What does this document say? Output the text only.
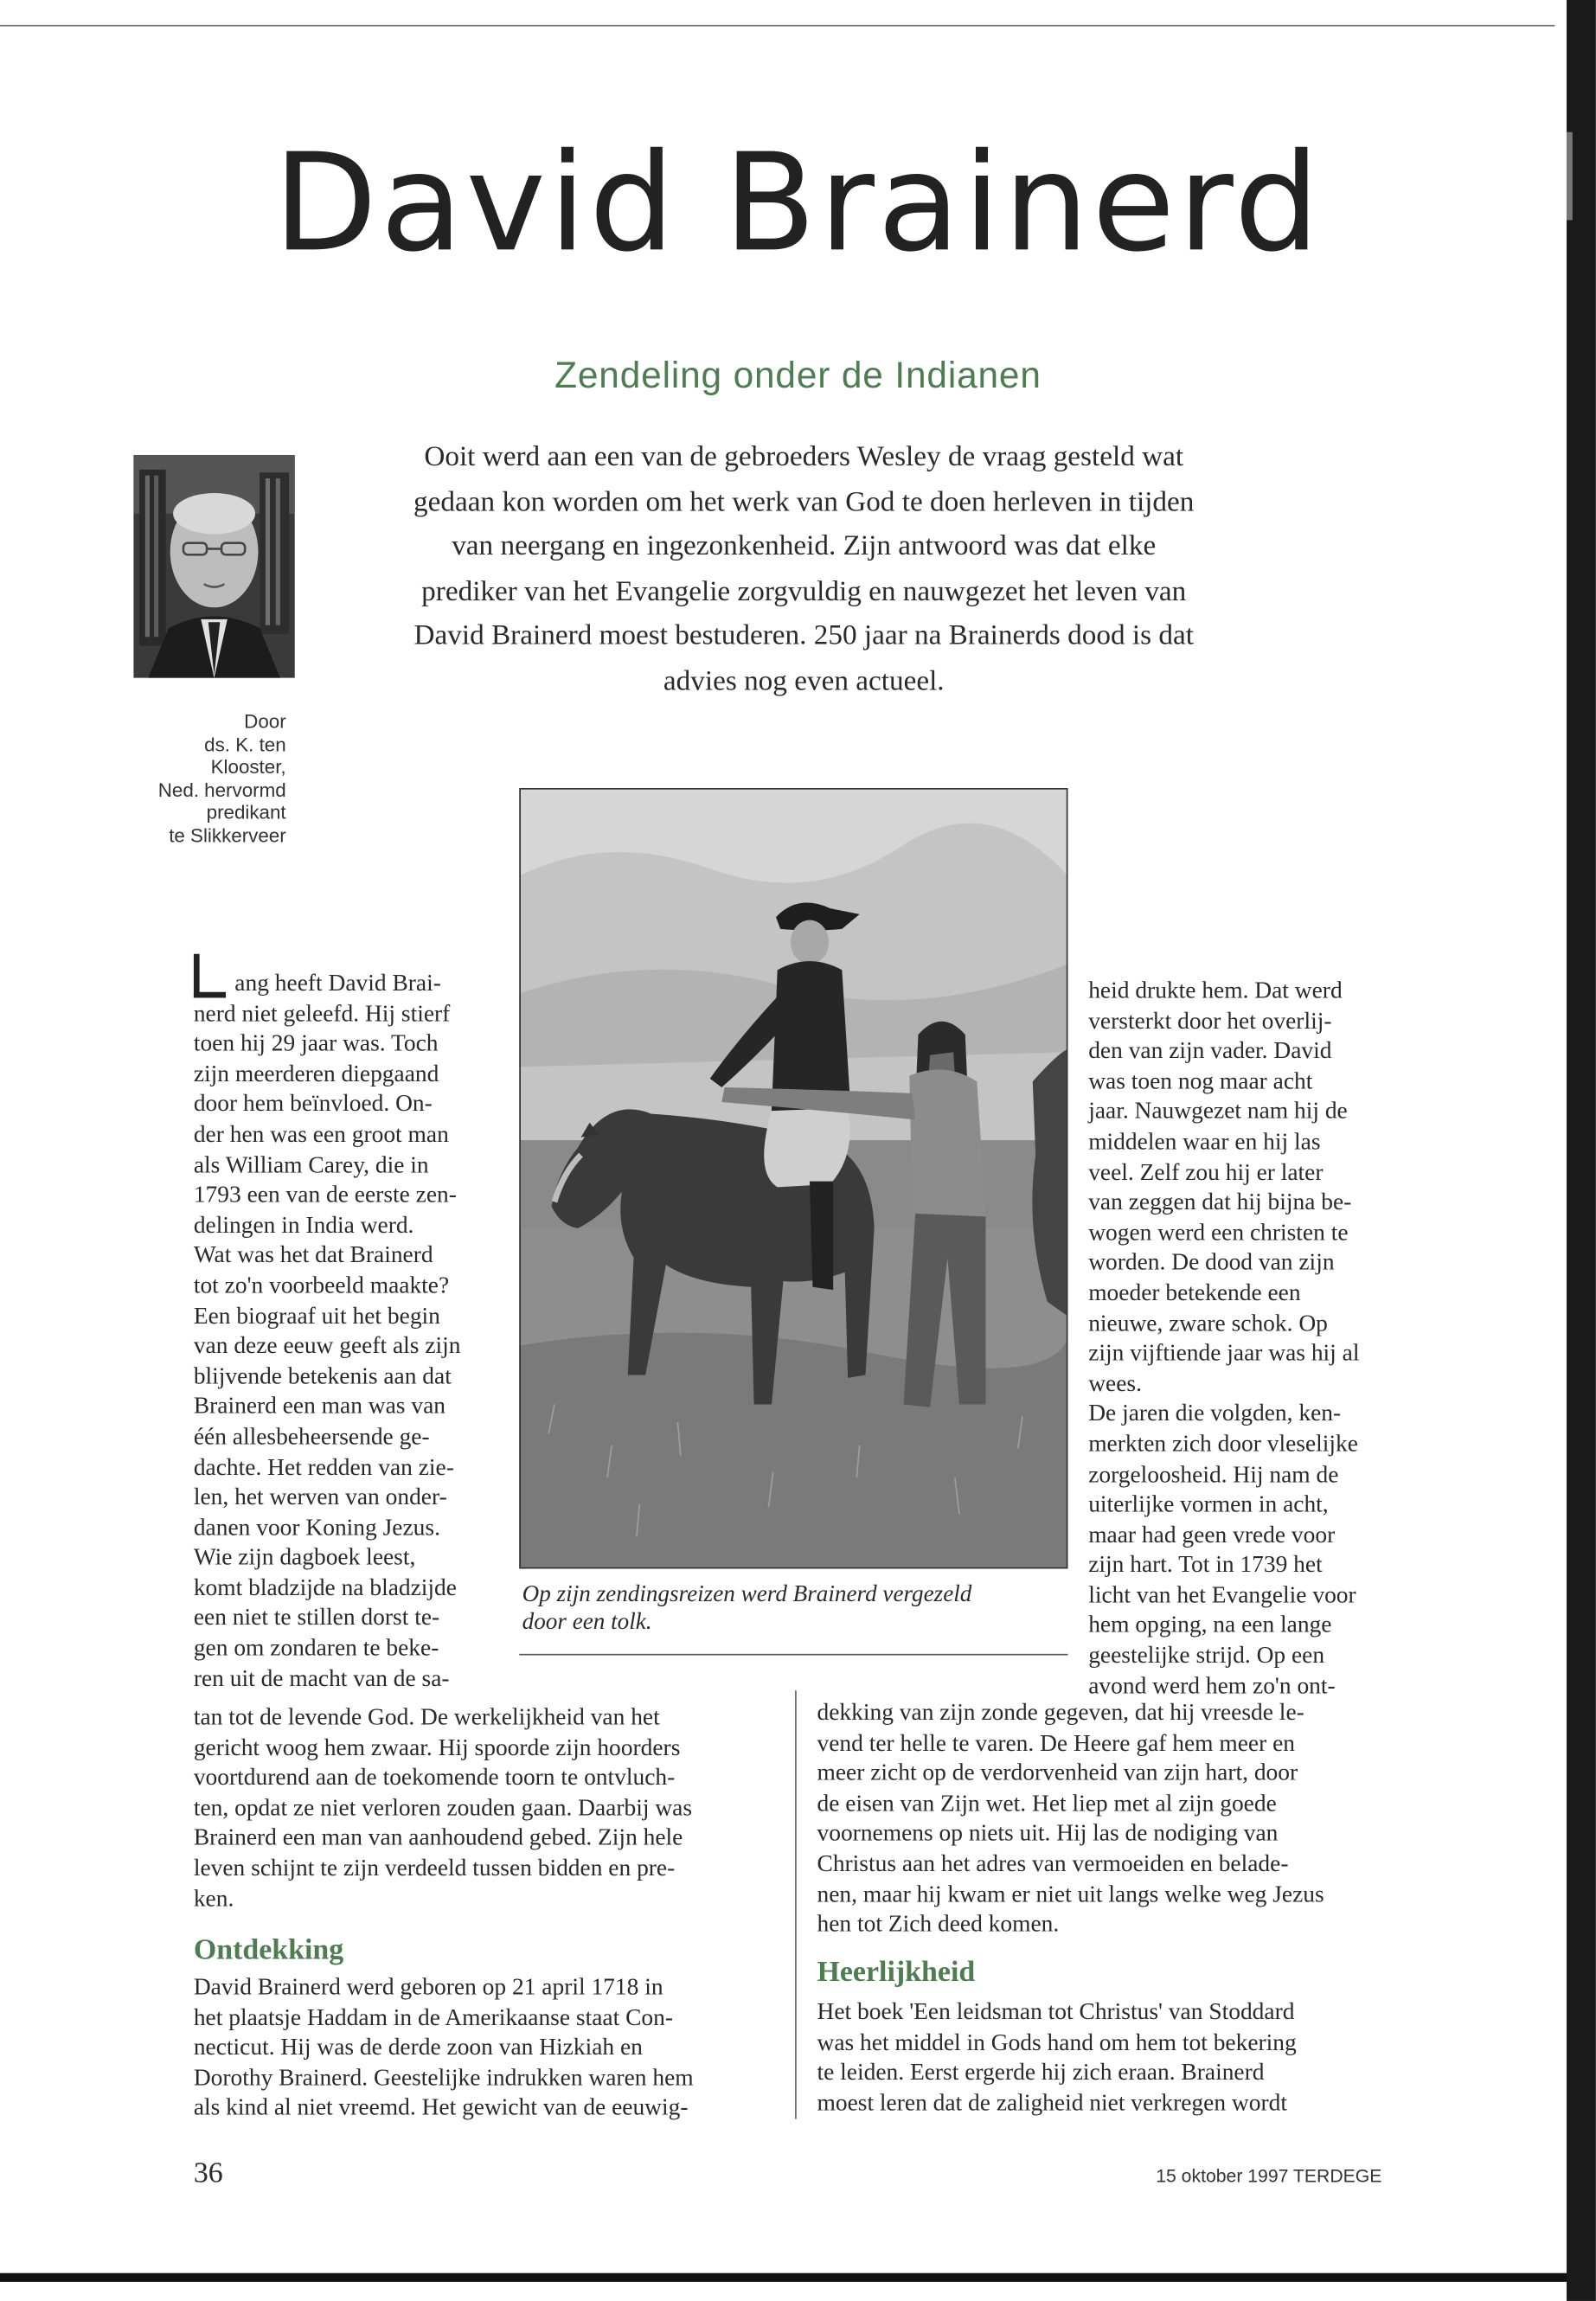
David Brainerd
Zendeling onder de Indianen
Ooit werd aan een van de gebroeders Wesley de vraag gesteld wat
gedaan kon worden om het werk van God te doen herleven in tijden
van neergang en ingezonkenheid. Zijn antwoord was dat elke
prediker van het Evangelie zorgvuldig en nauwgezet het leven van
David Brainerd moest bestuderen. 250 jaar na Brainerds dood is dat
advies nog even actueel.
Door
ds. K. ten
Klooster,
Ned. hervormd
predikant
te Slikkerveer
Op zijn zendingsreizen werd Brainerd vergezeld
door een tolk.
ang heeft David Brai-
nerd niet geleefd. Hij stierf
toen hij 29 jaar was. Toch
zijn meerderen diepgaand
door hem beïnvloed. On-
der hen was een groot man
als William Carey, die in
1793 een van de eerste zen-
delingen in India werd.
Wat was het dat Brainerd
tot zo'n voorbeeld maakte?
Een biograaf uit het begin
van deze eeuw geeft als zijn
blijvende betekenis aan dat
Brainerd een man was van
één allesbeheersende ge-
dachte. Het redden van zie-
len, het werven van onder-
danen voor Koning Jezus.
Wie zijn dagboek leest,
komt bladzijde na bladzijde
een niet te stillen dorst te-
gen om zondaren te beke-
ren uit de macht van de sa-
tan tot de levende God. De werkelijkheid van het
gericht woog hem zwaar. Hij spoorde zijn hoorders
voortdurend aan de toekomende toorn te ontvluch-
ten, opdat ze niet verloren zouden gaan. Daarbij was
Brainerd een man van aanhoudend gebed. Zijn hele
leven schijnt te zijn verdeeld tussen bidden en pre-
ken.
Ontdekking
David Brainerd werd geboren op 21 april 1718 in
het plaatsje Haddam in de Amerikaanse staat Con-
necticut. Hij was de derde zoon van Hizkiah en
Dorothy Brainerd. Geestelijke indrukken waren hem
als kind al niet vreemd. Het gewicht van de eeuwig-
heid drukte hem. Dat werd
versterkt door het overlij-
den van zijn vader. David
was toen nog maar acht
jaar. Nauwgezet nam hij de
middelen waar en hij las
veel. Zelf zou hij er later
van zeggen dat hij bijna be-
wogen werd een christen te
worden. De dood van zijn
moeder betekende een
nieuwe, zware schok. Op
zijn vijftiende jaar was hij al
wees.
De jaren die volgden, ken-
merkten zich door vleselijke
zorgeloosheid. Hij nam de
uiterlijke vormen in acht,
maar had geen vrede voor
zijn hart. Tot in 1739 het
licht van het Evangelie voor
hem opging, na een lange
geestelijke strijd. Op een
avond werd hem zo'n ont-
dekking van zijn zonde gegeven, dat hij vreesde le-
vend ter helle te varen. De Heere gaf hem meer en
meer zicht op de verdorvenheid van zijn hart, door
de eisen van Zijn wet. Het liep met al zijn goede
voornemens op niets uit. Hij las de nodiging van
Christus aan het adres van vermoeiden en belade-
nen, maar hij kwam er niet uit langs welke weg Jezus
hen tot Zich deed komen.
Heerlijkheid
Het boek 'Een leidsman tot Christus' van Stoddard
was het middel in Gods hand om hem tot bekering
te leiden. Eerst ergerde hij zich eraan. Brainerd
moest leren dat de zaligheid niet verkregen wordt
36	15 oktober 1997 TERDEGE
